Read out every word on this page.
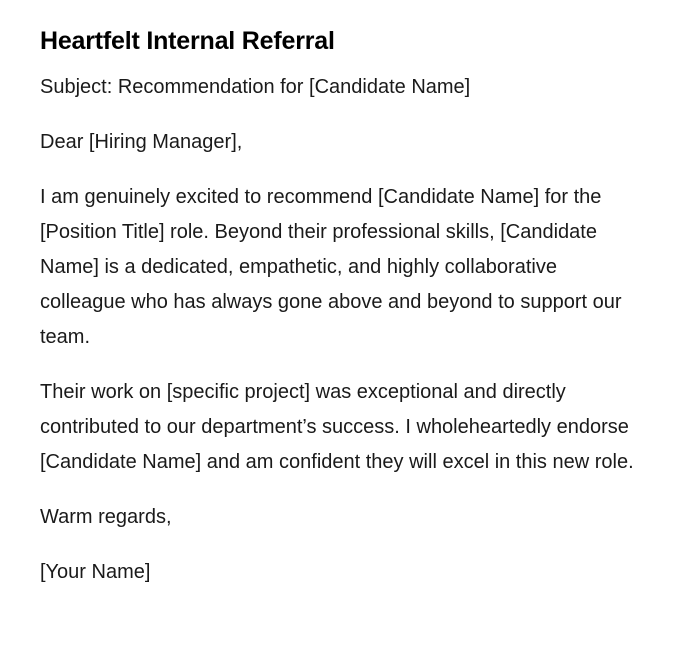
Heartfelt Internal Referral

Subject: Recommendation for [Candidate Name]

Dear [Hiring Manager],

I am genuinely excited to recommend [Candidate Name] for the [Position Title] role. Beyond their professional skills, [Candidate Name] is a dedicated, empathetic, and highly collaborative colleague who has always gone above and beyond to support our team.

Their work on [specific project] was exceptional and directly contributed to our department’s success. I wholeheartedly endorse [Candidate Name] and am confident they will excel in this new role.

Warm regards,

[Your Name]
